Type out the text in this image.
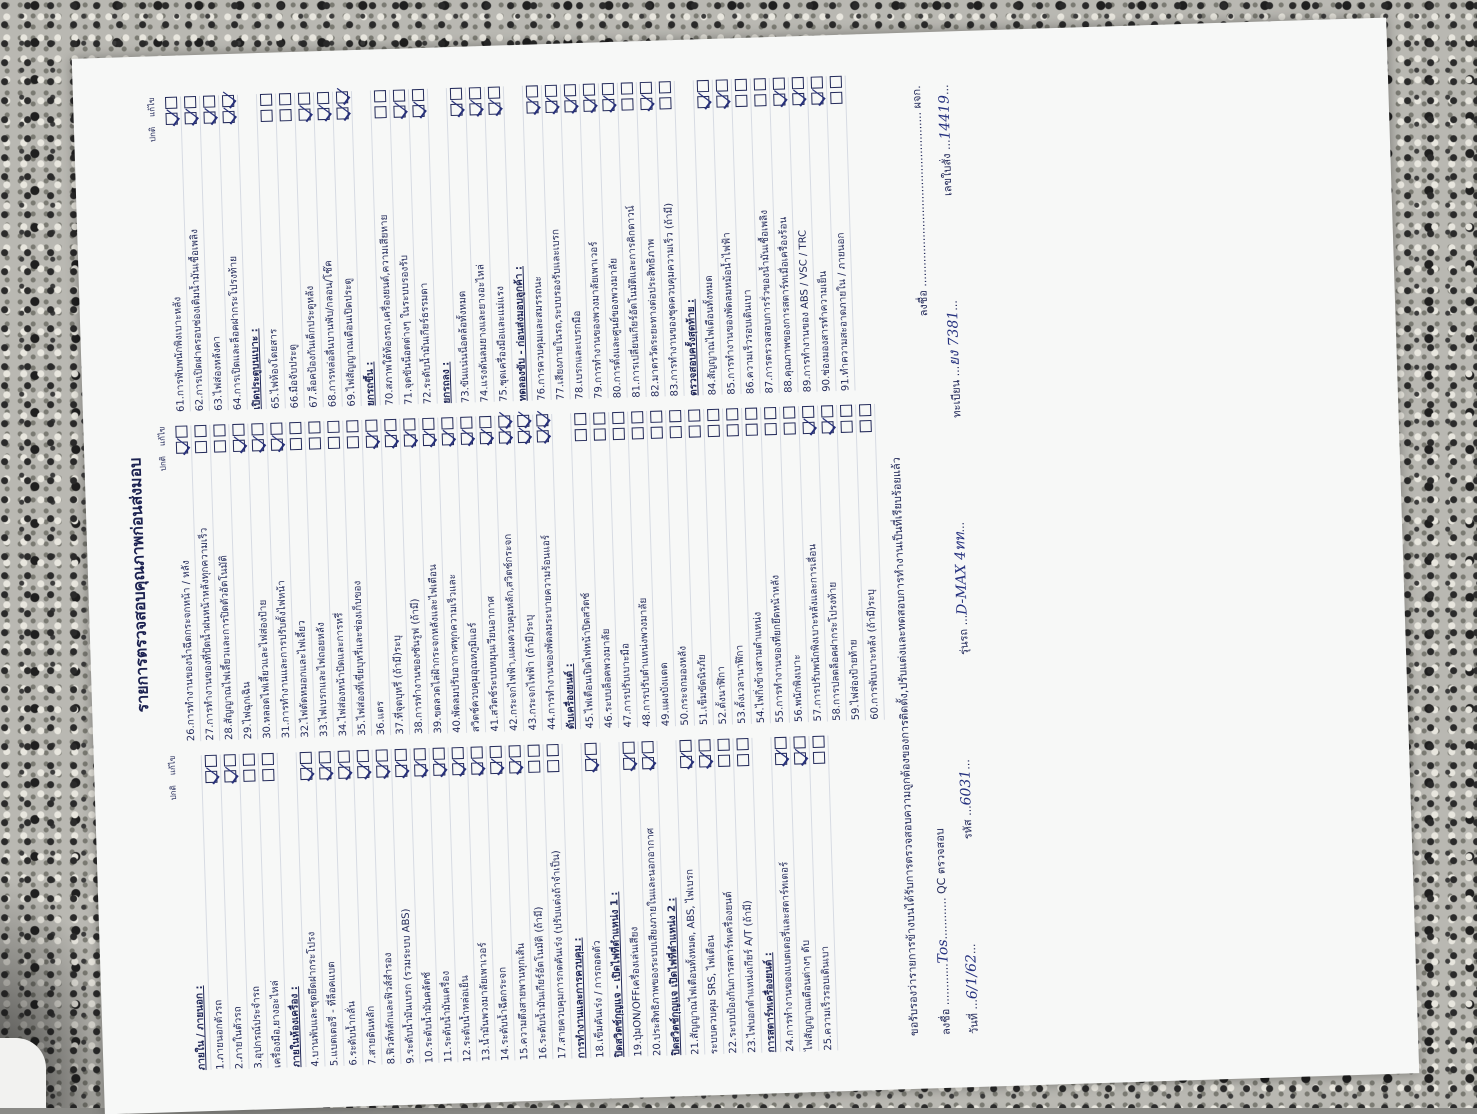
รายการตรวจสอบคุณภาพก่อนส่งมอบ
ปกติ
แก้ไข
ภายใน / ภายนอก : 1.ภายนอกตัวรถ 2.ภายในตัวรถ 3.อุปกรณ์ประจำรถ เครื่องมือ,ยางอะไหล่ ภายในห้องเครื่อง : 4.บานพับและชุดยึดฝากระโปรง 5.แบตเตอรี่ - ที่ล็อคแบต 6.ระดับน้ำกลั่น 7.สายดินหลัก 8.ฟิวส์หลักและฟิวส์สำรอง 9.ระดับน้ำมันเบรก (รวมระบบ ABS) 10.ระดับน้ำมันคลัตช์ 11.ระดับน้ำมันเครื่อง 12.ระดับน้ำหล่อเย็น 13.น้ำมันพวงมาลัยเพาเวอร์ 14.ระดับน้ำฉีดกระจก 15.ความตึงสายพานทุกเส้น 16.ระดับน้ำมันเกียร์อัตโนมัติ (ถ้ามี) 17.สายควบคุมการกดคันเร่ง (ปรับแต่งถ้าจำเป็น) การทำงานและการควบคุม : 18.เข็มคันเร่ง / การถอดตัว ปิดสวิตช์กุญแจ - เปิดไฟที่ตำแหน่ง 1 : 19.ปุ่มON/OFFเครื่องเล่นเสียง 20.ประสิทธิภาพของระบบเสียงภายในและนอกอากาศ ปิดสวิตช์กุญแจ เปิดไฟที่ตำแหน่ง 2 : 21.สัญญาณไฟเตือนทั้งหมด, ABS, ไฟเบรก ระบบควบคุม SRS, ไฟเตือน 22.ระบบป้องกันการสตาร์ทเครื่องยนต์ 23.ไฟบอกตำแหน่งเกียร์ A/T (ถ้ามี) การสตาร์ทเครื่องยนต์ : 24.การทำงานของแบตเตอรี่และสตาร์ทเตอร์ ไฟสัญญาณเตือนต่างๆ ดับ 25.ความเร็วรอบเดินเบา
ปกติ
แก้ไข
26.การทำงานของน้ำฉีดกระจกหน้า / หลัง 27.การทำงานของที่ปัดน้ำฝนหน้าหลังทุกความเร็ว 28.สัญญาณไฟเลี้ยวและการปิดตัวอัตโนมัติ 29.ไฟฉุกเฉิน 30.หลอดไฟเลี้ยวและไฟส่องป้าย 31.การทำงานและการปรับตั้งไฟหน้า 32.ไฟตัดหมอกและไฟเลี้ยว 33.ไฟเบรกและไฟถอยหลัง 34.ไฟส่องหน้าปัดและการหรี่ 35.ไฟส่องที่เขี่ยบุหรี่และช่องเก็บของ 36.แตร 37.ที่จุดบุหรี่ (ถ้ามี)ระบุ 38.การทำงานของซันรูฟ (ถ้ามี) 39.ขดลวดไล่ฝ้ากระจกหลังและไฟเตือน 40.พัดลมปรับอากาศทุกความเร็วและ สวิตช์ควบคุมอุณหภูมิแอร์ 41.สวิตช์ระบบหมุนเวียนอากาศ 42.กระจกไฟฟ้า,แผงควบคุมหลัก,สวิตช์กระจก 43.กระจกไฟฟ้า (ถ้ามี)ระบุ 44.การทำงานของพัดลมระบายความร้อนแอร์ ดับเครื่องยนต์ : 45.ไฟเตือนเปิดไฟหน้าปิดสวิตช์ 46.ระบบล็อคพวงมาลัย 47.การปรับเบาะมือ 48.การปรับตำแหน่งพวงมาลัย 49.แผงบังแดด 50.กระจกมองหลัง 51.เข็มขัดนิรภัย 52.ตั้งนาฬิกา 53.ตั้งเวลานาฬิกา 54.ไฟกิ่งข้างสามตำแหน่ง 55.การทำงานของที่ยกยึดหน้าหลัง 56.พนักพิงเบาะ 57.การปรับพนักพิงเบาะหลังและการเลื่อน 58.การปลดล็อคฝากระโปรงท้าย 59.ไฟส่องป้ายท้าย 60.การพับเบาะหลัง (ถ้ามี)ระบุ
ปกติ
แก้ไข
61.การพับพนักพิงเบาะหลัง 62.การเปิดฝาครอบช่องเติมน้ำมันเชื้อเพลิง 63.ไฟส่องหลังคา 64.การเปิดและล็อคฝากระโปรงท้าย เปิดประตูบนเบาะ : 65.ไฟห้องโดยสาร 66.มือจับประตู 67.ล็อคป้องกันเด็กประตูหลัง 68.การหล่อลื่นบานพับ/กลอน/โช๊ค 69.ไฟสัญญาณเตือนเปิดประตู ยกรถขึ้น : 70.สภาพใต้ท้องรถ,เครื่องยนต์,ความเสียหาย 71.จุดขันน็อตต่างๆ ในระบบรองรับ 72.ระดับน้ำมันเกียร์ธรรมดา ยกรถลง : 73.ขันแน่นน็อตล้อทั้งหมด 74.แรงดันลมยางและยางอะไหล่ 75.ชุดเครื่องมือและแม่แรง ทดลองขับ - ก่อนส่งมอบลูกค้า : 76.การควบคุมและสมรรถนะ 77.เสียงภายในรถ,ระบบรองรับและเบรก 78.เบรกและเบรกมือ 79.การทำงานของพวงมาลัยเพาเวอร์ 80.การตั้งและศูนย์ของพวงมาลัย 81.การเปลี่ยนเกียร์อัตโนมัติและการคิกดาวน์ 82.มาตรวัดระยะทางต่อประสิทธิภาพ 83.การทำงานของชุดควบคุมความเร็ว (ถ้ามี) ตรวจสอบครั้งสุดท้าย : 84.สัญญาณไฟเตือนทั้งหมด 85.การทำงานของพัดลมหม้อน้ำไฟฟ้า 86.ความเร็วรอบเดินเบา 87.การตรวจสอบการรั่วของน้ำมันเชื้อเพลิง 88.คุณภาพของการสตาร์ทเมื่อเครื่องร้อน 89.การทำงานของ ABS / VSC / TRC 90.ช่องมองสารทำความเย็น 91.ทำความสะอาดภายใน / ภายนอก
ขอรับรองว่ารายการข้างบนได้รับการตรวจสอบความถูกต้องของการติดตั้ง,ปรับแต่งและทดสอบการทำงานเป็นที่เรียบร้อยแล้ว	ลงชื่อ ............Tos............ QC ตรวจสอบ
ลงชื่อ .................................................. ผจก.
วันที่ ...6/1/62...
รหัส ...6031...
รุ่นรถ ...D-MAX 4ทท...
ทะเบียน ...ยง 7381...
เลขใบสั่ง ...14419...
